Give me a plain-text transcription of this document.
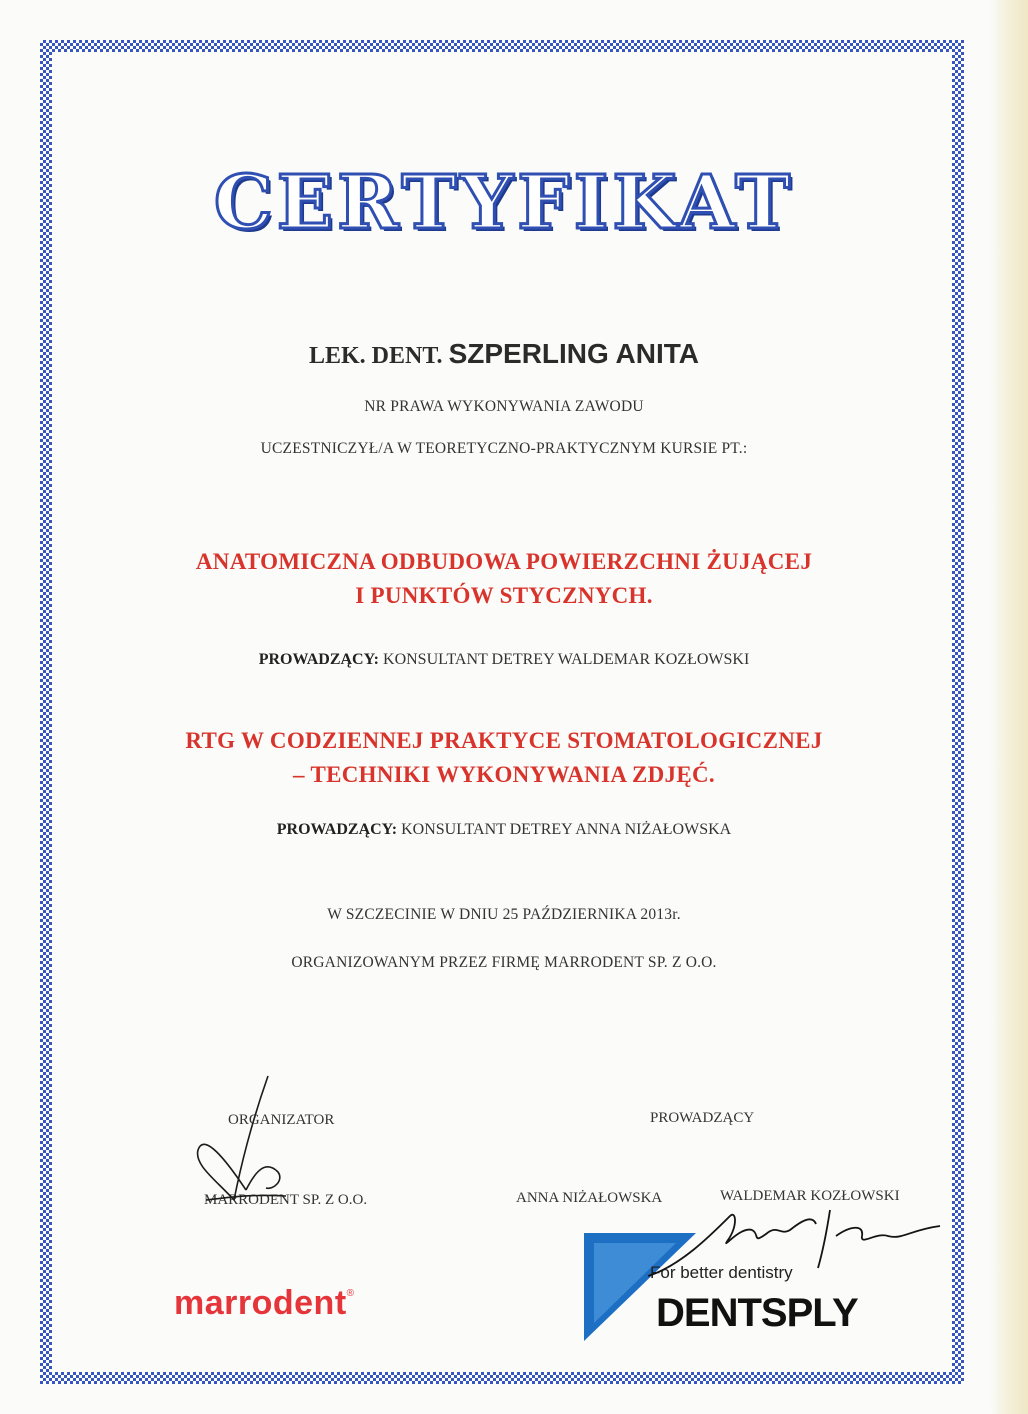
CERTYFIKAT
LEK. DENT. SZPERLING ANITA
NR PRAWA WYKONYWANIA ZAWODU
UCZESTNICZYŁ/A W TEORETYCZNO-PRAKTYCZNYM KURSIE PT.:
ANATOMICZNA ODBUDOWA POWIERZCHNI ŻUJĄCEJ
I PUNKTÓW STYCZNYCH.
PROWADZĄCY: KONSULTANT DETREY WALDEMAR KOZŁOWSKI
RTG W CODZIENNEJ PRAKTYCE STOMATOLOGICZNEJ
– TECHNIKI WYKONYWANIA ZDJĘĆ.
PROWADZĄCY: KONSULTANT DETREY ANNA NIŻAŁOWSKA
W SZCZECINIE W DNIU 25 PAŹDZIERNIKA 2013r.
ORGANIZOWANYM PRZEZ FIRMĘ MARRODENT SP. Z O.O.
ORGANIZATOR
MARRODENT SP. Z O.O.
PROWADZĄCY
ANNA NIŻAŁOWSKA	WALDEMAR KOZŁOWSKI
marrodent®
For better dentistry
DENTSPLY
